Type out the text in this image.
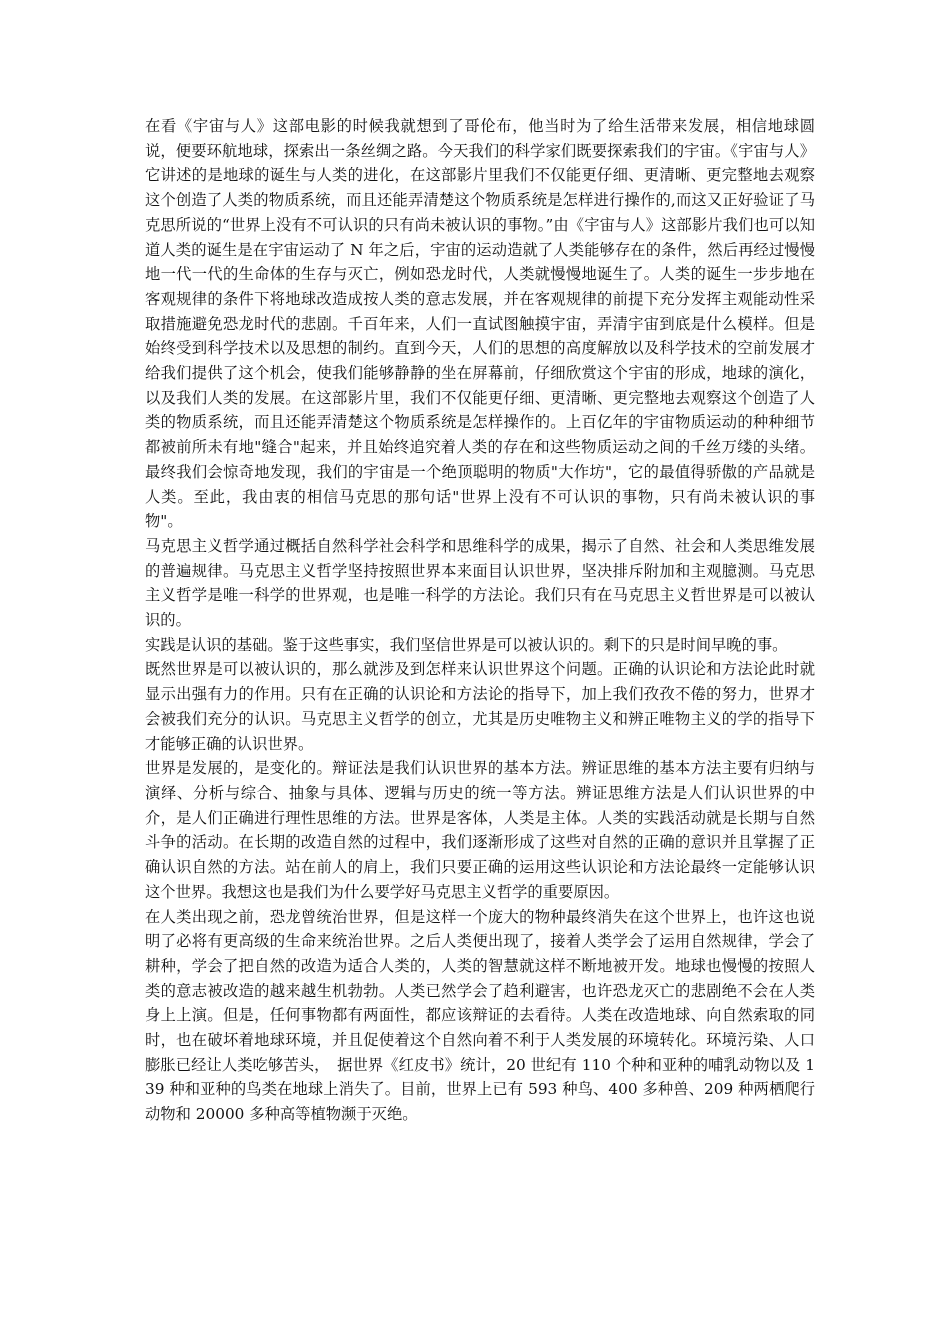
在看《宇宙与人》这部电影的时候我就想到了哥伦布，他当时为了给生活带来发展，相信地球圆说，便要环航地球，探索出一条丝绸之路。今天我们的科学家们既要探索我们的宇宙。《宇宙与人》它讲述的是地球的诞生与人类的进化，在这部影片里我们不仅能更仔细、更清晰、更完整地去观察这个创造了人类的物质系统，而且还能弄清楚这个物质系统是怎样进行操作的,而这又正好验证了马克思所说的“世界上没有不可认识的只有尚未被认识的事物。”由《宇宙与人》这部影片我们也可以知道人类的诞生是在宇宙运动了 N 年之后，宇宙的运动造就了人类能够存在的条件，然后再经过慢慢地一代一代的生命体的生存与灭亡，例如恐龙时代，人类就慢慢地诞生了。人类的诞生一步步地在客观规律的条件下将地球改造成按人类的意志发展，并在客观规律的前提下充分发挥主观能动性采取措施避免恐龙时代的悲剧。千百年来，人们一直试图触摸宇宙，弄清宇宙到底是什么模样。但是始终受到科学技术以及思想的制约。直到今天，人们的思想的高度解放以及科学技术的空前发展才给我们提供了这个机会，使我们能够静静的坐在屏幕前，仔细欣赏这个宇宙的形成，地球的演化，以及我们人类的发展。在这部影片里，我们不仅能更仔细、更清晰、更完整地去观察这个创造了人类的物质系统，而且还能弄清楚这个物质系统是怎样操作的。上百亿年的宇宙物质运动的种种细节都被前所未有地"缝合"起来，并且始终追究着人类的存在和这些物质运动之间的千丝万缕的头绪。最终我们会惊奇地发现，我们的宇宙是一个绝顶聪明的物质"大作坊"，它的最值得骄傲的产品就是人类。至此，我由衷的相信马克思的那句话"世界上没有不可认识的事物，只有尚未被认识的事物"。

马克思主义哲学通过概括自然科学社会科学和思维科学的成果，揭示了自然、社会和人类思维发展的普遍规律。马克思主义哲学坚持按照世界本来面目认识世界，坚决排斥附加和主观臆测。马克思主义哲学是唯一科学的世界观，也是唯一科学的方法论。我们只有在马克思主义哲世界是可以被认识的。

实践是认识的基础。鉴于这些事实，我们坚信世界是可以被认识的。剩下的只是时间早晚的事。

既然世界是可以被认识的，那么就涉及到怎样来认识世界这个问题。正确的认识论和方法论此时就显示出强有力的作用。只有在正确的认识论和方法论的指导下，加上我们孜孜不倦的努力，世界才会被我们充分的认识。马克思主义哲学的创立，尤其是历史唯物主义和辨正唯物主义的学的指导下才能够正确的认识世界。

世界是发展的，是变化的。辩证法是我们认识世界的基本方法。辨证思维的基本方法主要有归纳与演绎、分析与综合、抽象与具体、逻辑与历史的统一等方法。辨证思维方法是人们认识世界的中介，是人们正确进行理性思维的方法。世界是客体，人类是主体。人类的实践活动就是长期与自然斗争的活动。在长期的改造自然的过程中，我们逐渐形成了这些对自然的正确的意识并且掌握了正确认识自然的方法。站在前人的肩上，我们只要正确的运用这些认识论和方法论最终一定能够认识这个世界。我想这也是我们为什么要学好马克思主义哲学的重要原因。

在人类出现之前，恐龙曾统治世界，但是这样一个庞大的物种最终消失在这个世界上，也许这也说明了必将有更高级的生命来统治世界。之后人类便出现了，接着人类学会了运用自然规律，学会了耕种，学会了把自然的改造为适合人类的，人类的智慧就这样不断地被开发。地球也慢慢的按照人类的意志被改造的越来越生机勃勃。人类已然学会了趋利避害，也许恐龙灭亡的悲剧绝不会在人类身上上演。但是，任何事物都有两面性，都应该辩证的去看待。人类在改造地球、向自然索取的同时，也在破坏着地球环境，并且促使着这个自然向着不利于人类发展的环境转化。环境污染、人口膨胀已经让人类吃够苦头，　据世界《红皮书》统计，20 世纪有 110 个种和亚种的哺乳动物以及 139 种和亚种的鸟类在地球上消失了。目前，世界上已有 593 种鸟、400 多种兽、209 种两栖爬行动物和 20000 多种高等植物濒于灭绝。
